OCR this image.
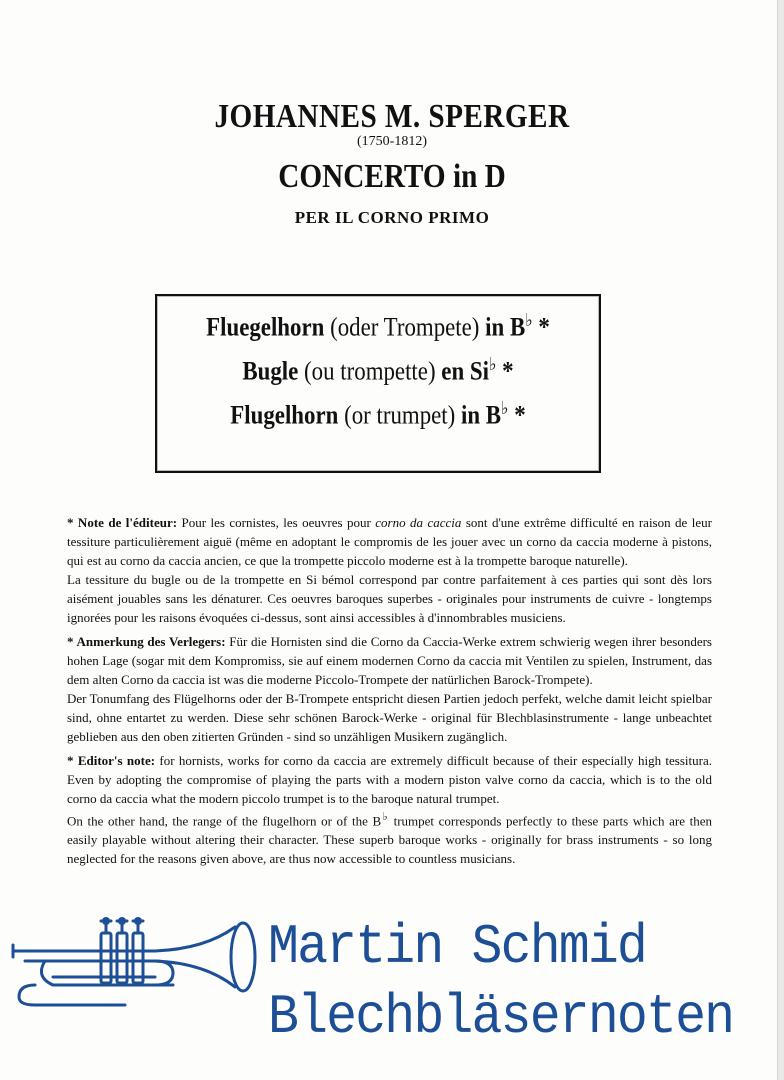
JOHANNES M. SPERGER
(1750-1812)
CONCERTO in D
PER IL CORNO PRIMO
Fluegelhorn (oder Trompete) in B♭ *
Bugle (ou trompette) en Si♭ *
Flugelhorn (or trumpet) in B♭ *

* Note de l'éditeur: Pour les cornistes, les oeuvres pour corno da caccia sont d'une extrême difficulté en raison de leur tessiture particulièrement aiguë (même en adoptant le compromis de les jouer avec un corno da caccia moderne à pistons, qui est au corno da caccia ancien, ce que la trompette piccolo moderne est à la trompette baroque naturelle).

La tessiture du bugle ou de la trompette en Si bémol correspond par contre parfaitement à ces parties qui sont dès lors aisément jouables sans les dénaturer. Ces oeuvres baroques superbes - originales pour instruments de cuivre - longtemps ignorées pour les raisons évoquées ci-dessus, sont ainsi accessibles à d'innombrables musiciens.

* Anmerkung des Verlegers: Für die Hornisten sind die Corno da Caccia-Werke extrem schwierig wegen ihrer besonders hohen Lage (sogar mit dem Kompromiss, sie auf einem modernen Corno da caccia mit Ventilen zu spielen, Instrument, das dem alten Corno da caccia ist was die moderne Piccolo-Trompete der natürlichen Barock-Trompete).

Der Tonumfang des Flügelhorns oder der B-Trompete entspricht diesen Partien jedoch perfekt, welche damit leicht spielbar sind, ohne entartet zu werden. Diese sehr schönen Barock-Werke - original für Blechblasinstrumente - lange unbeachtet geblieben aus den oben zitierten Gründen - sind so unzähligen Musikern zugänglich.

* Editor's note: for hornists, works for corno da caccia are extremely difficult because of their especially high tessitura. Even by adopting the compromise of playing the parts with a modern piston valve corno da caccia, which is to the old corno da caccia what the modern piccolo trumpet is to the baroque natural trumpet.

On the other hand, the range of the flugelhorn or of the B♭ trumpet corresponds perfectly to these parts which are then easily playable without altering their character. These superb baroque works - originally for brass instruments - so long neglected for the reasons given above, are thus now accessible to countless musicians.

Martin Schmid
Blechbläsernoten
